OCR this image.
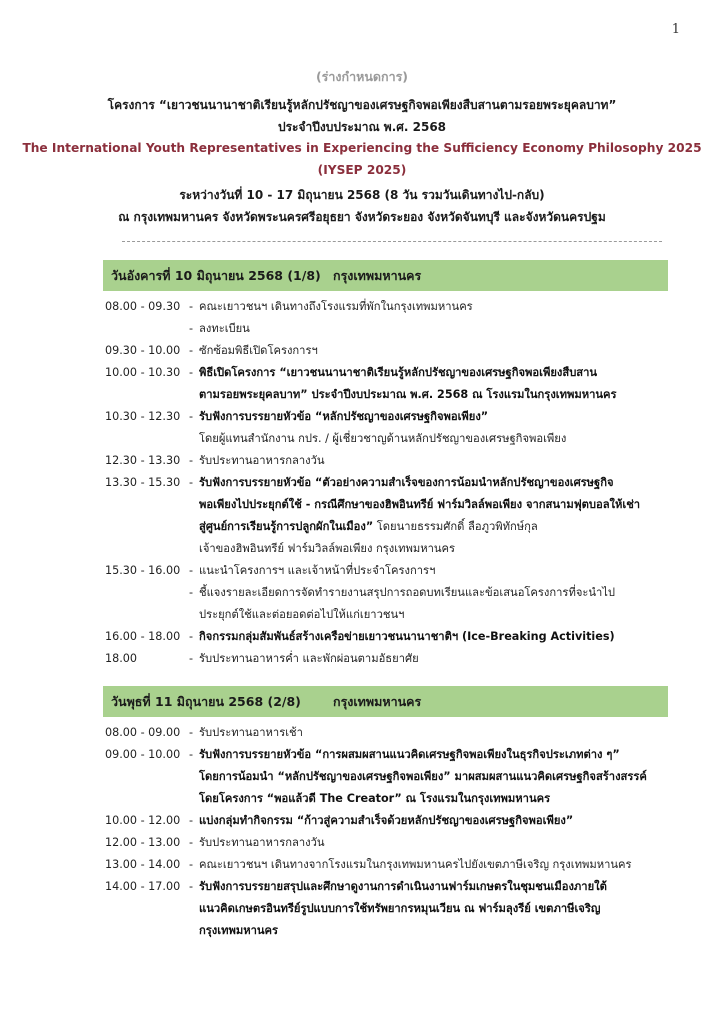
1
(ร่างกำหนดการ)
โครงการ “เยาวชนนานาชาติเรียนรู้หลักปรัชญาของเศรษฐกิจพอเพียงสืบสานตามรอยพระยุคลบาท”
ประจำปีงบประมาณ พ.ศ. 2568
The International Youth Representatives in Experiencing the Sufficiency Economy Philosophy 2025
(IYSEP 2025)
ระหว่างวันที่ 10 - 17 มิถุนายน 2568 (8 วัน รวมวันเดินทางไป-กลับ)
ณ กรุงเทพมหานคร จังหวัดพระนครศรีอยุธยา จังหวัดระยอง จังหวัดจันทบุรี และจังหวัดนครปฐม
วันอังคารที่ 10 มิถุนายน 2568 (1/8) กรุงเทพมหานคร
08.00 - 09.30 - คณะเยาวชนฯ เดินทางถึงโรงแรมที่พักในกรุงเทพมหานคร
- ลงทะเบียน
09.30 - 10.00 - ซักซ้อมพิธีเปิดโครงการฯ
10.00 - 10.30 - พิธีเปิดโครงการ “เยาวชนนานาชาติเรียนรู้หลักปรัชญาของเศรษฐกิจพอเพียงสืบสาน
ตามรอยพระยุคลบาท” ประจำปีงบประมาณ พ.ศ. 2568 ณ โรงแรมในกรุงเทพมหานคร
10.30 - 12.30 - รับฟังการบรรยายหัวข้อ “หลักปรัชญาของเศรษฐกิจพอเพียง”
โดยผู้แทนสำนักงาน กปร. / ผู้เชี่ยวชาญด้านหลักปรัชญาของเศรษฐกิจพอเพียง
12.30 - 13.30 - รับประทานอาหารกลางวัน
13.30 - 15.30 - รับฟังการบรรยายหัวข้อ “ตัวอย่างความสำเร็จของการน้อมนำหลักปรัชญาของเศรษฐกิจ
พอเพียงไปประยุกต์ใช้ - กรณีศึกษาของฮิพอินทรีย์ ฟาร์มวิลล์พอเพียง จากสนามฟุตบอลให้เช่า
สู่ศูนย์การเรียนรู้การปลูกผักในเมือง” โดยนายธรรมศักดิ์ ลือภูวพิทักษ์กุล
เจ้าของฮิพอินทรีย์ ฟาร์มวิลล์พอเพียง กรุงเทพมหานคร
15.30 - 16.00 - แนะนำโครงการฯ และเจ้าหน้าที่ประจำโครงการฯ
- ชี้แจงรายละเอียดการจัดทำรายงานสรุปการถอดบทเรียนและข้อเสนอโครงการที่จะนำไป
ประยุกต์ใช้และต่อยอดต่อไปให้แก่เยาวชนฯ
16.00 - 18.00 - กิจกรรมกลุ่มสัมพันธ์สร้างเครือข่ายเยาวชนนานาชาติฯ (Ice-Breaking Activities)
18.00	- รับประทานอาหารค่ำ และพักผ่อนตามอัธยาศัย
วันพุธที่ 11 มิถุนายน 2568 (2/8)	กรุงเทพมหานคร
08.00 - 09.00 - รับประทานอาหารเช้า
09.00 - 10.00 - รับฟังการบรรยายหัวข้อ “การผสมผสานแนวคิดเศรษฐกิจพอเพียงในธุรกิจประเภทต่าง ๆ”
โดยการน้อมนำ “หลักปรัชญาของเศรษฐกิจพอเพียง” มาผสมผสานแนวคิดเศรษฐกิจสร้างสรรค์
โดยโครงการ “พอแล้วดี The Creator” ณ โรงแรมในกรุงเทพมหานคร
10.00 - 12.00 - แบ่งกลุ่มทำกิจกรรม “ก้าวสู่ความสำเร็จด้วยหลักปรัชญาของเศรษฐกิจพอเพียง”
12.00 - 13.00 - รับประทานอาหารกลางวัน
13.00 - 14.00 - คณะเยาวชนฯ เดินทางจากโรงแรมในกรุงเทพมหานครไปยังเขตภาษีเจริญ กรุงเทพมหานคร
14.00 - 17.00 - รับฟังการบรรยายสรุปและศึกษาดูงานการดำเนินงานฟาร์มเกษตรในชุมชนเมืองภายใต้
แนวคิดเกษตรอินทรีย์รูปแบบการใช้ทรัพยากรหมุนเวียน ณ ฟาร์มลุงรีย์ เขตภาษีเจริญ
กรุงเทพมหานคร
